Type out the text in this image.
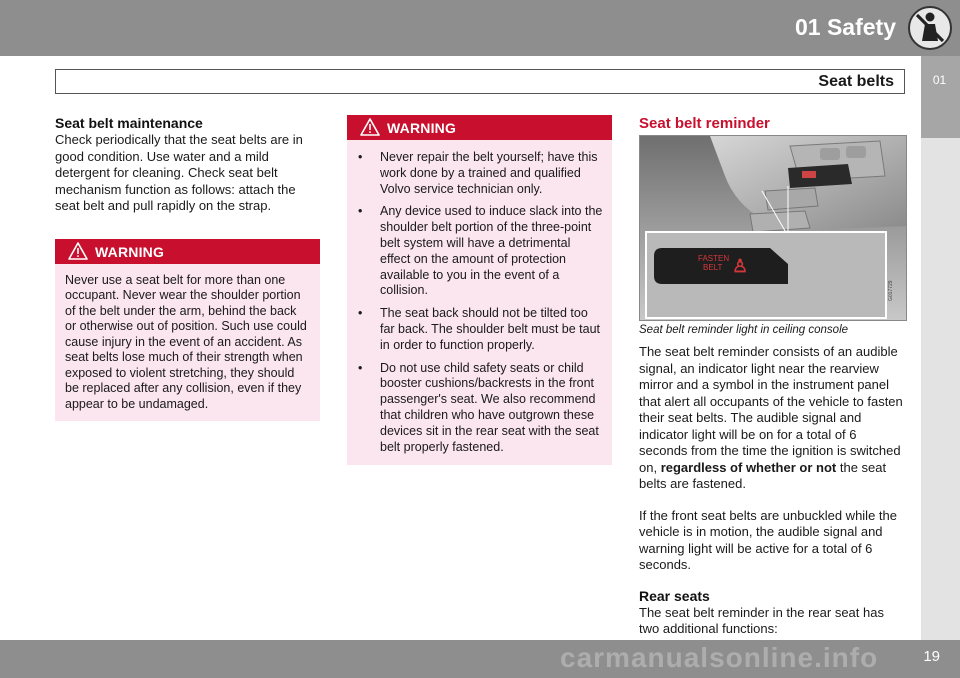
01 Safety
Seat belts	01
Seat belt maintenance

Check periodically that the seat belts are in good condition. Use water and a mild detergent for cleaning. Check seat belt mechanism function as follows: attach the seat belt and pull rapidly on the strap.

WARNING
Never use a seat belt for more than one occupant. Never wear the shoulder portion of the belt under the arm, behind the back or otherwise out of position. Such use could cause injury in the event of an accident. As seat belts lose much of their strength when exposed to violent stretching, they should be replaced after any collision, even if they appear to be undamaged.
WARNING
• Never repair the belt yourself; have this work done by a trained and qualified Volvo service technician only.
• Any device used to induce slack into the shoulder belt portion of the three-point belt system will have a detrimental effect on the amount of protection available to you in the event of a collision.
• The seat back should not be tilted too far back. The shoulder belt must be taut in order to function properly.
• Do not use child safety seats or child booster cushions/backrests in the front passenger's seat. We also recommend that children who have outgrown these devices sit in the rear seat with the seat belt properly fastened.
Seat belt reminder
FASTEN
BELT ♙
G017729
Seat belt reminder light in ceiling console

The seat belt reminder consists of an audible signal, an indicator light near the rearview mirror and a symbol in the instrument panel that alert all occupants of the vehicle to fasten their seat belts. The audible signal and indicator light will be on for a total of 6 seconds from the time the ignition is switched on, regardless of whether or not the seat belts are fastened.

If the front seat belts are unbuckled while the vehicle is in motion, the audible signal and warning light will be active for a total of 6 seconds.

Rear seats

The seat belt reminder in the rear seat has two additional functions:

carmanualsonline.info	19
